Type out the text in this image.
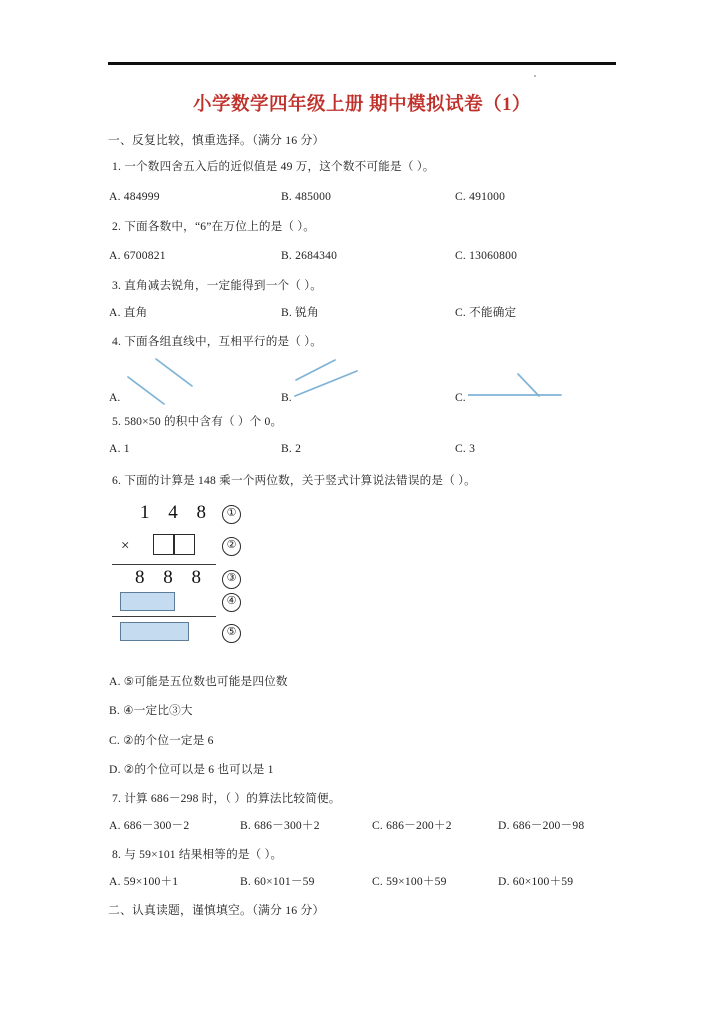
小学数学四年级上册 期中模拟试卷（1）
一、反复比较，慎重选择。（满分 16 分）
1. 一个数四舍五入后的近似值是 49 万，这个数不可能是（ ）。
A. 484999	B. 485000	C. 491000
2. 下面各数中，“6”在万位上的是（ ）。
A. 6700821	B. 2684340	C. 13060800
3. 直角减去锐角，一定能得到一个（ ）。
A. 直角	B. 锐角	C. 不能确定
4. 下面各组直线中，互相平行的是（ ）。
A.	B.	C.
5. 580×50 的积中含有（ ）个 0。
A. 1	B. 2	C. 3
6. 下面的计算是 148 乘一个两位数，关于竖式计算说法错误的是（ ）。
1 4 8	①
×	②
8 8 8	③
④
⑤
A. ⑤可能是五位数也可能是四位数
B. ④一定比③大
C. ②的个位一定是 6
D. ②的个位可以是 6 也可以是 1
7. 计算 686－298 时，（ ）的算法比较简便。
A. 686－300－2	B. 686－300＋2	C. 686－200＋2	D. 686－200－98
8. 与 59×101 结果相等的是（ ）。
A. 59×100＋1	B. 60×101－59	C. 59×100＋59	D. 60×100＋59
二、认真读题，谨慎填空。（满分 16 分）
